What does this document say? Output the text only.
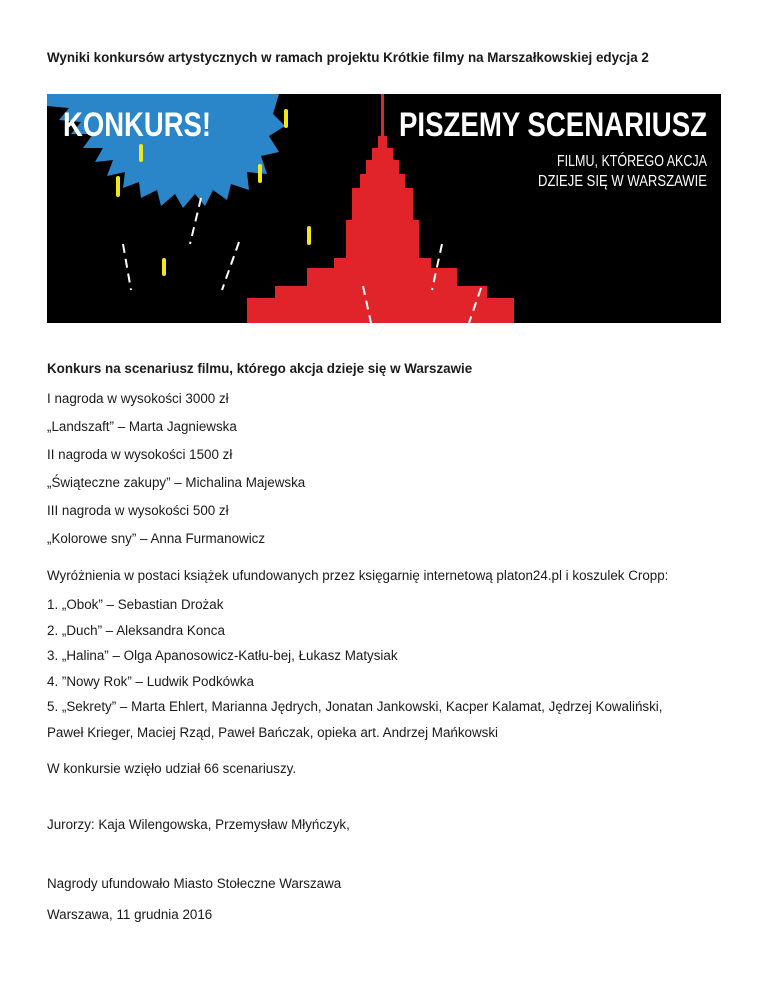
Wyniki konkursów artystycznych w ramach projektu Krótkie filmy na Marszałkowskiej edycja 2
KONKURS!	PISZEMY SCENARIUSZ
FILMU, KTÓREGO AKCJA
DZIEJE SIĘ W WARSZAWIE
Konkurs na scenariusz filmu, którego akcja dzieje się w Warszawie
I nagroda w wysokości 3000 zł
„Landszaft” – Marta Jagniewska
II nagroda w wysokości 1500 zł
„Świąteczne zakupy” – Michalina Majewska
III nagroda w wysokości 500 zł
„Kolorowe sny” – Anna Furmanowicz
Wyróżnienia w postaci książek ufundowanych przez księgarnię internetową platon24.pl i koszulek Cropp:
1. „Obok” – Sebastian Drożak
2. „Duch” – Aleksandra Konca
3. „Halina” – Olga Apanosowicz-Katłu-bej, Łukasz Matysiak
4. ”Nowy Rok” – Ludwik Podkówka
5. „Sekrety” – Marta Ehlert, Marianna Jędrych, Jonatan Jankowski, Kacper Kalamat, Jędrzej Kowaliński,
Paweł Krieger, Maciej Rząd, Paweł Bańczak, opieka art. Andrzej Mańkowski
W konkursie wzięło udział 66 scenariuszy.
Jurorzy: Kaja Wilengowska, Przemysław Młyńczyk,
Nagrody ufundowało Miasto Stołeczne Warszawa
Warszawa, 11 grudnia 2016
